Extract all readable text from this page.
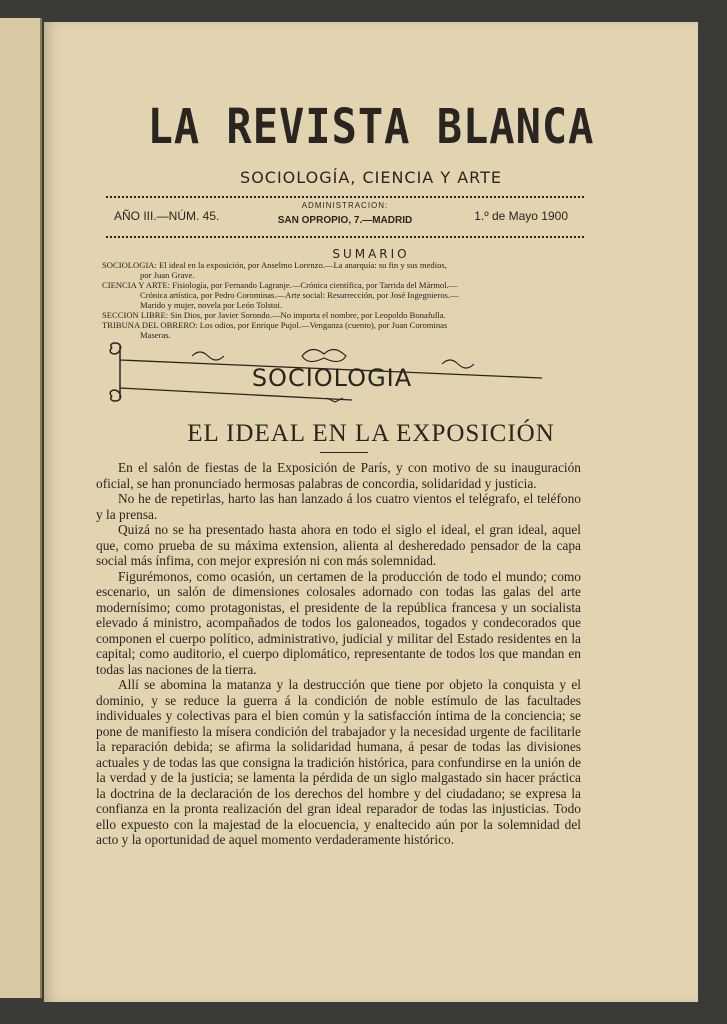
LA REVISTA BLANCA
SOCIOLOGÍA, CIENCIA Y ARTE
AÑO III.—NÚM. 45.
ADMINISTRACION:
SAN OPROPIO, 7.—MADRID	1.º de Mayo 1900
SUMARIO
SOCIOLOGIA: El ideal en la exposición, por Anselmo Lorenzo.—La anarquía: su fin y sus medios,
por Juan Grave.
CIENCIA Y ARTE: Fisiología, por Fernando Lagranje.—Crónica científica, por Tarrida del Mármol.—
Crónica artística, por Pedro Corominas.—Arte social: Resurrección, por José Ingegnieros.—
Marido y mujer, novela por León Tolstoi.
SECCION LIBRE: Sin Dios, por Javier Sorondo.—No importa el nombre, por Leopoldo Bonafulla.
TRIBUNA DEL OBRERO: Los odios, por Enrique Pujol.—Venganza (cuento), por Juan Corominas
Maseras.
SOCIOLOGIA
EL IDEAL EN LA EXPOSICIÓN

En el salón de fiestas de la Exposición de París, y con motivo de su inauguración oficial, se han pronunciado hermosas palabras de concordia, solidaridad y justicia.

No he de repetirlas, harto las han lanzado á los cuatro vientos el telégrafo, el teléfono y la prensa.

Quizá no se ha presentado hasta ahora en todo el siglo el ideal, el gran ideal, aquel que, como prueba de su máxima extension, alienta al desheredado pensador de la capa social más ínfima, con mejor expresión ni con más solemnidad.

Figurémonos, como ocasión, un certamen de la producción de todo el mundo; como escenario, un salón de dimensiones colosales adornado con todas las galas del arte modernísimo; como protagonistas, el presidente de la república francesa y un socialista elevado á ministro, acompañados de todos los galoneados, togados y condecorados que componen el cuerpo político, administrativo, judicial y militar del Estado residentes en la capital; como auditorio, el cuerpo diplomático, representante de todos los que mandan en todas las naciones de la tierra.

Allí se abomina la matanza y la destrucción que tiene por objeto la conquista y el dominio, y se reduce la guerra á la condición de noble estímulo de las facultades individuales y colectivas para el bien común y la satisfacción íntima de la conciencia; se pone de manifiesto la mísera condición del trabajador y la necesidad urgente de facilitarle la reparación debida; se afirma la solidaridad humana, á pesar de todas las divisiones actuales y de todas las que consigna la tradición histórica, para confundirse en la unión de la verdad y de la justicia; se lamenta la pérdida de un siglo malgastado sin hacer práctica la doctrina de la declaración de los derechos del hombre y del ciudadano; se expresa la confianza en la pronta realización del gran ideal reparador de todas las injusticias. Todo ello expuesto con la majestad de la elocuencia, y enaltecido aún por la solemnidad del acto y la oportunidad de aquel momento verdaderamente histórico.
